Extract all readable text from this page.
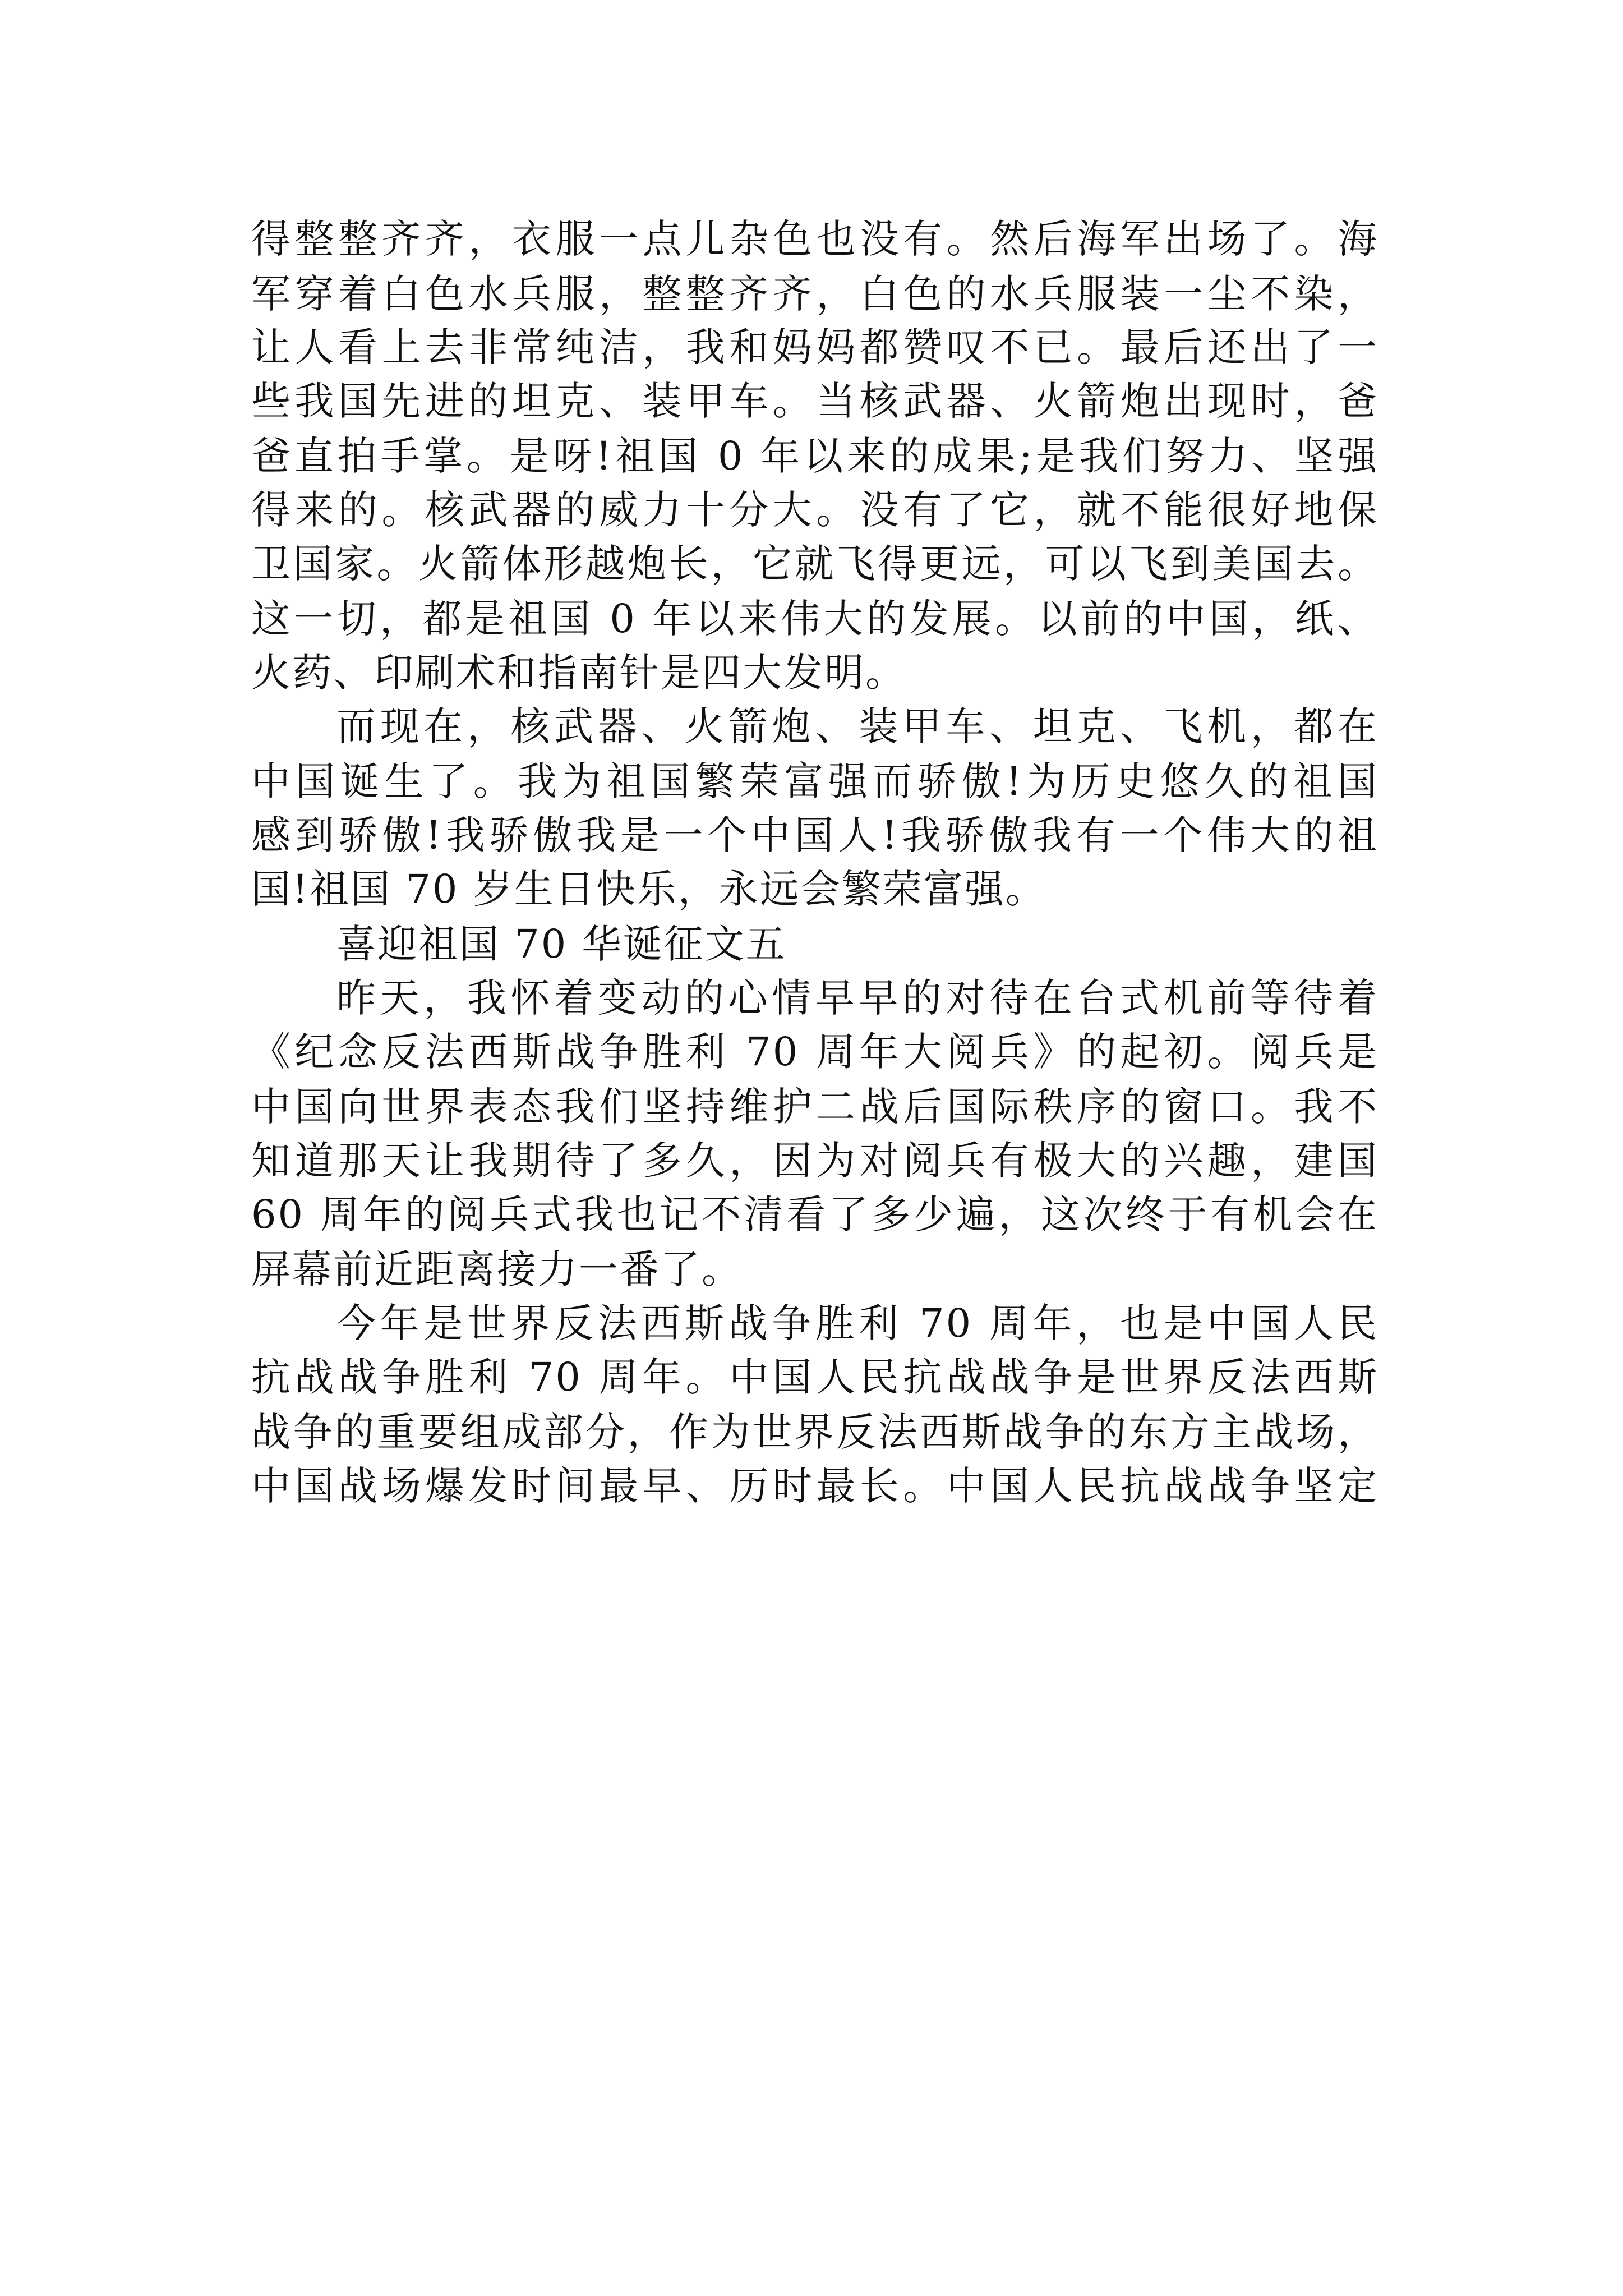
得整整齐齐，衣服一点儿杂色也没有。然后海军出场了。海
军穿着白色水兵服，整整齐齐，白色的水兵服装一尘不染，
让人看上去非常纯洁，我和妈妈都赞叹不已。最后还出了一
些我国先进的坦克、装甲车。当核武器、火箭炮出现时，爸
爸直拍手掌。是呀!祖国 0 年以来的成果;是我们努力、坚强
得来的。核武器的威力十分大。没有了它，就不能很好地保
卫国家。火箭体形越炮长，它就飞得更远，可以飞到美国去。
这一切，都是祖国 0 年以来伟大的发展。以前的中国，纸、
火药、印刷术和指南针是四大发明。
而现在，核武器、火箭炮、装甲车、坦克、飞机，都在
中国诞生了。我为祖国繁荣富强而骄傲!为历史悠久的祖国
感到骄傲!我骄傲我是一个中国人!我骄傲我有一个伟大的祖
国!祖国 70 岁生日快乐，永远会繁荣富强。
喜迎祖国 70 华诞征文五
昨天，我怀着变动的心情早早的对待在台式机前等待着
《纪念反法西斯战争胜利 70 周年大阅兵》的起初。阅兵是
中国向世界表态我们坚持维护二战后国际秩序的窗口。我不
知道那天让我期待了多久，因为对阅兵有极大的兴趣，建国
60 周年的阅兵式我也记不清看了多少遍，这次终于有机会在
屏幕前近距离接力一番了。
今年是世界反法西斯战争胜利 70 周年，也是中国人民
抗战战争胜利 70 周年。中国人民抗战战争是世界反法西斯
战争的重要组成部分，作为世界反法西斯战争的东方主战场，
中国战场爆发时间最早、历时最长。中国人民抗战战争坚定
